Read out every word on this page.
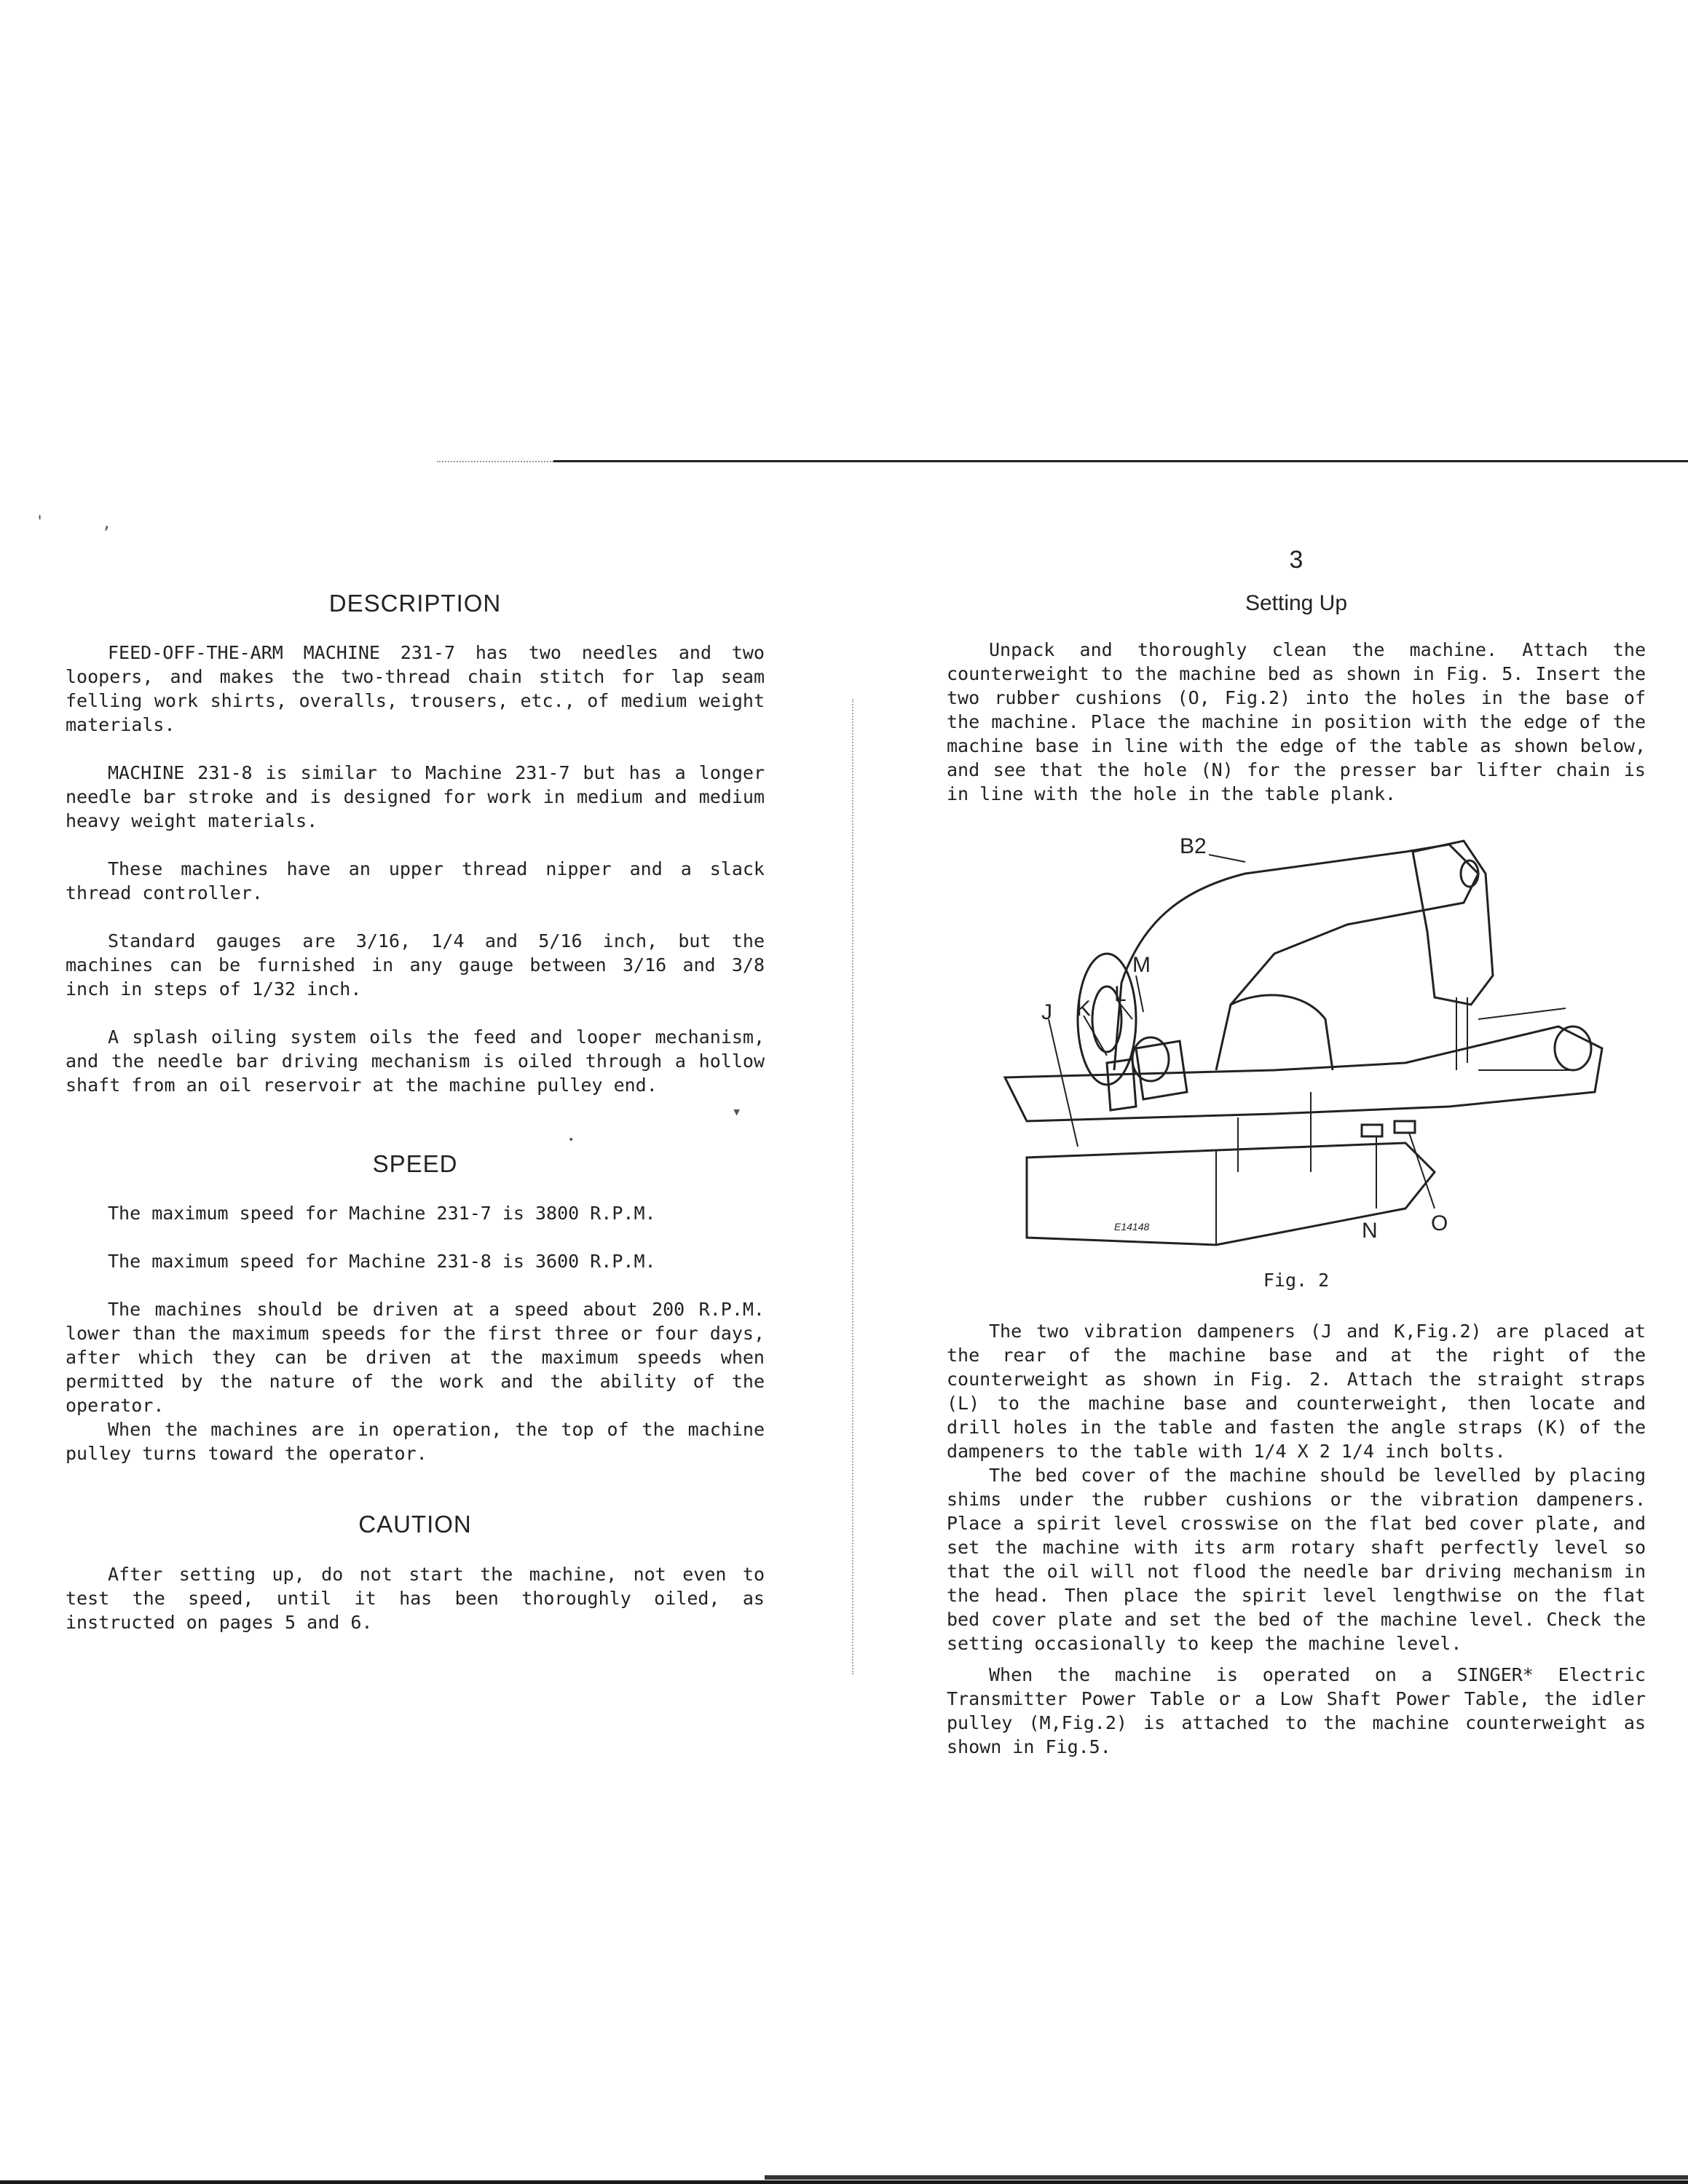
'	,
▾
•
DESCRIPTION

FEED-OFF-THE-ARM MACHINE 231-7 has two needles and two loopers, and makes the two-thread chain stitch for lap seam felling work shirts, overalls, trousers, etc., of medium weight materials.

MACHINE 231-8 is similar to Machine 231-7 but has a longer needle bar stroke and is designed for work in medium and medium heavy weight materials.

These machines have an upper thread nipper and a slack thread controller.

Standard gauges are 3/16, 1/4 and 5/16 inch, but the machines can be furnished in any gauge between 3/16 and 3/8 inch in steps of 1/32 inch.

A splash oiling system oils the feed and looper mechanism, and the needle bar driving mechanism is oiled through a hollow shaft from an oil reservoir at the machine pulley end.

SPEED

The maximum speed for Machine 231-7 is 3800 R.P.M.

The maximum speed for Machine 231-8 is 3600 R.P.M.

The machines should be driven at a speed about 200 R.P.M. lower than the maximum speeds for the first three or four days, after which they can be driven at the maximum speeds when permitted by the nature of the work and the ability of the operator.

When the machines are in operation, the top of the machine pulley turns toward the operator.

CAUTION

After setting up, do not start the machine, not even to test the speed, until it has been thoroughly oiled, as instructed on pages 5 and 6.

3
Setting Up

Unpack and thoroughly clean the machine. Attach the counterweight to the machine bed as shown in Fig. 5. Insert the two rubber cushions (O, Fig.2) into the holes in the base of the machine. Place the machine in position with the edge of the machine base in line with the edge of the table as shown below, and see that the hole (N) for the presser bar lifter chain is in line with the hole in the table plank.

B2
M
L
K
J
N O
E14148
Fig. 2

The two vibration dampeners (J and K,Fig.2) are placed at the rear of the machine base and at the right of the counterweight as shown in Fig. 2. Attach the straight straps (L) to the machine base and counterweight, then locate and drill holes in the table and fasten the angle straps (K) of the dampeners to the table with 1/4 X 2 1/4 inch bolts.

The bed cover of the machine should be levelled by placing shims under the rubber cushions or the vibration dampeners. Place a spirit level crosswise on the flat bed cover plate, and set the machine with its arm rotary shaft perfectly level so that the oil will not flood the needle bar driving mechanism in the head. Then place the spirit level lengthwise on the flat bed cover plate and set the bed of the machine level. Check the setting occasionally to keep the machine level.

When the machine is operated on a SINGER* Electric Transmitter Power Table or a Low Shaft Power Table, the idler pulley (M,Fig.2) is attached to the machine counterweight as shown in Fig.5.
